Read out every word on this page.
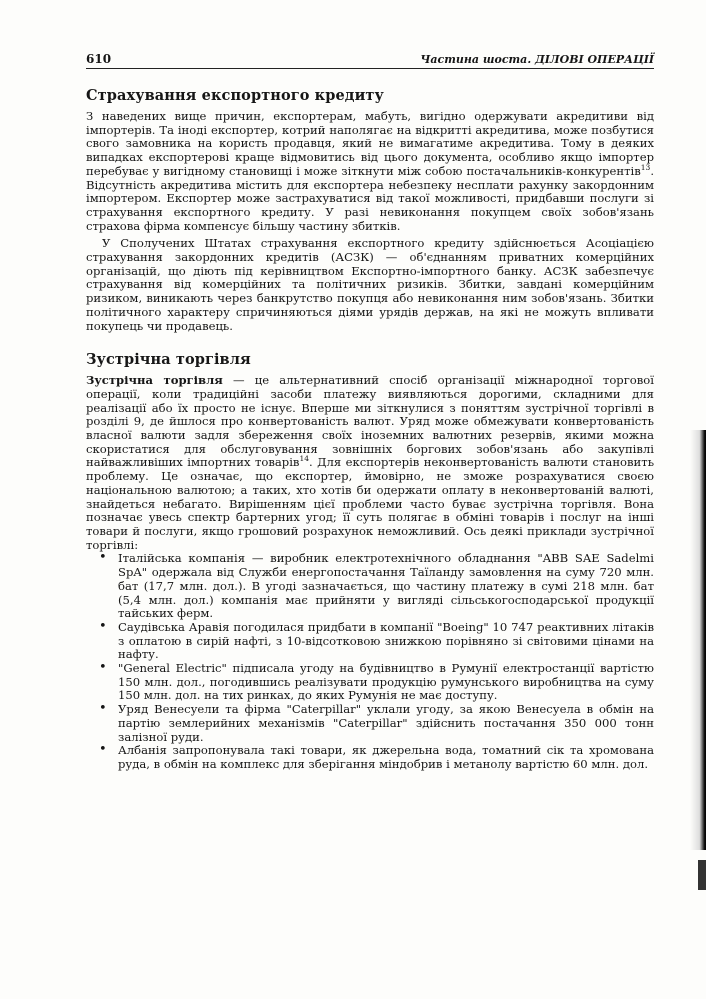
610	Частина шоста. ДІЛОВІ ОПЕРАЦІЇ
Страхування експортного кредиту

З наведених вище причин, експортерам, мабуть, вигідно одержувати акредитиви від імпортерів. Та іноді експортер, котрий наполягає на відкритті акредитива, може позбутися свого замовника на користь продавця, який не вимагатиме акредитива. Тому в деяких випадках експортерові краще відмовитись від цього документа, особливо якщо імпортер перебуває у вигідному становищі і може зіткнути між собою постачальників-конкурентів$^{13}$. Відсутність акредитива містить для експортера небезпеку несплати рахунку закордонним імпортером. Експортер може застрахуватися від такої можливості, придбавши послуги зі страхування експортного кредиту. У разі невиконання покупцем своїх зобов'язань страхова фірма компенсує більшу частину збитків.

У Сполучених Штатах страхування експортного кредиту здійснюється Асоціацією страхування закордонних кредитів (АСЗК) — об'єднанням приватних комерційних організацій, що діють під керівництвом Експортно-імпортного банку. АСЗК забезпечує страхування від комерційних та політичних ризиків. Збитки, завдані комерційним ризиком, виникають через банкрутство покупця або невиконання ним зобов'язань. Збитки політичного характеру спричиняються діями урядів держав, на які не можуть впливати покупець чи продавець.

Зустрічна торгівля

Зустрічна торгівля — це альтернативний спосіб організації міжнародної торгової операції, коли традиційні засоби платежу виявляються дорогими, складними для реалізації або їх просто не існує. Вперше ми зіткнулися з поняттям зустрічної торгівлі в розділі 9, де йшлося про конвертованість валют. Уряд може обмежувати конвертованість власної валюти задля збереження своїх іноземних валютних резервів, якими можна скористатися для обслуговування зовнішніх боргових зобов'язань або закупівлі найважливіших імпортних товарів$^{14}$. Для експортерів неконвертованість валюти становить проблему. Це означає, що експортер, ймовірно, не зможе розрахуватися своєю національною валютою; а таких, хто хотів би одержати оплату в неконвертованій валюті, знайдеться небагато. Вирішенням цієї проблеми часто буває зустрічна торгівля. Вона позначає увесь спектр бартерних угод; її суть полягає в обміні товарів і послуг на інші товари й послуги, якщо грошовий розрахунок неможливий. Ось деякі приклади зустрічної торгівлі:

• Італійська компанія — виробник електротехнічного обладнання "ABB SAE Sadelmi SpA" одержала від Служби енергопостачання Таїланду замовлення на суму 720 млн. бат (17,7 млн. дол.). В угоді зазначається, що частину платежу в сумі 218 млн. бат (5,4 млн. дол.) компанія має прийняти у вигляді сільськогосподарської продукції тайських ферм.
• Саудівська Аравія погодилася придбати в компанії "Boeing" 10 747 реактивних літаків з оплатою в сирій нафті, з 10-відсотковою знижкою порівняно зі світовими цінами на нафту.
• "General Electric" підписала угоду на будівництво в Румунії електростанції вартістю 150 млн. дол., погодившись реалізувати продукцію румунського виробництва на суму 150 млн. дол. на тих ринках, до яких Румунія не має доступу.
• Уряд Венесуели та фірма "Caterpillar" уклали угоду, за якою Венесуела в обмін на партію землерийних механізмів "Caterpillar" здійснить постачання 350 000 тонн залізної руди.
• Албанія запропонувала такі товари, як джерельна вода, томатний сік та хромована руда, в обмін на комплекс для зберігання міндобрив і метанолу вартістю 60 млн. дол.
